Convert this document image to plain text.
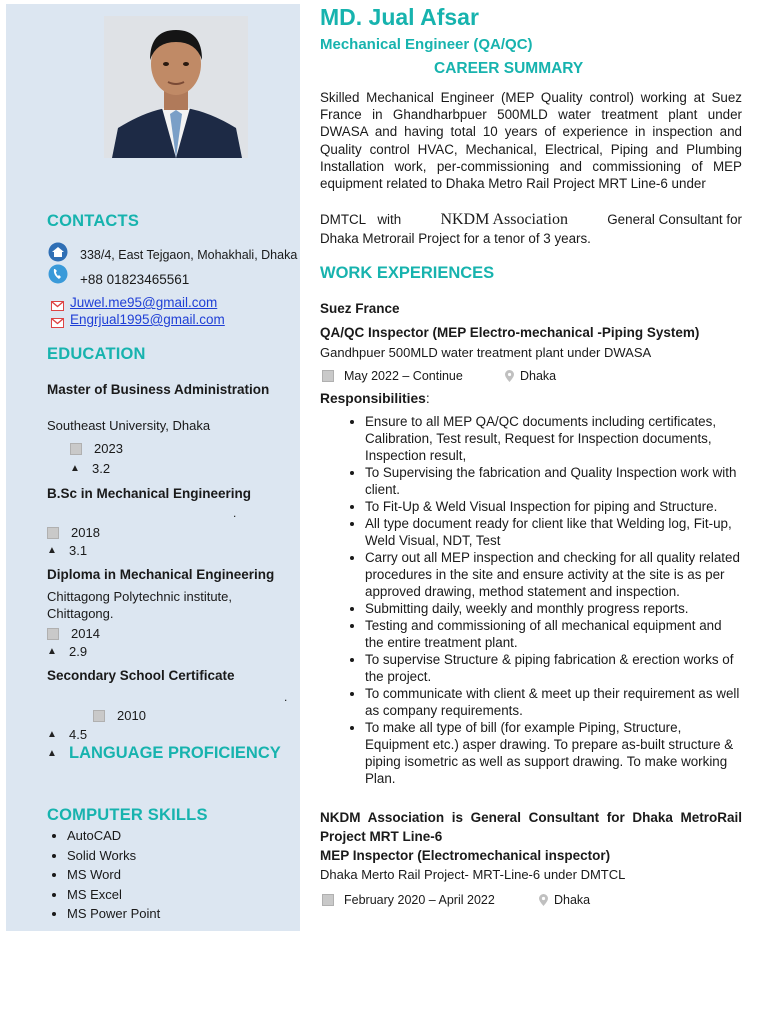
CONTACTS
338/4, East Tejgaon, Mohakhali, Dhaka
+88 01823465561
Juwel.me95@gmail.com
Engrjual1995@gmail.com
EDUCATION
Master of Business Administration
Southeast University, Dhaka
2023
▲ 3.2
B.Sc in Mechanical Engineering
.
2018
▲ 3.1
Diploma in Mechanical Engineering
Chittagong Polytechnic institute, Chittagong.
2014
▲ 2.9
Secondary School Certificate
.
2010
▲ 4.5
▲ LANGUAGE PROFICIENCY
COMPUTER SKILLS
• AutoCAD
• Solid Works
• MS Word
• MS Excel
• MS Power Point
MD. Jual Afsar
Mechanical Engineer (QA/QC)
CAREER SUMMARY
Skilled Mechanical Engineer (MEP Quality control) working at Suez France in Ghandharbpuer 500MLD water treatment plant under DWASA and having total 10 years of experience in inspection and Quality control HVAC, Mechanical, Electrical, Piping and Plumbing Installation work, per-commissioning and commissioning of MEP equipment related to Dhaka Metro Rail Project MRT Line-6 under
DMTCL with NKDM Association	General Consultant for
Dhaka Metrorail Project for a tenor of 3 years.
WORK EXPERIENCES
Suez France
QA/QC Inspector (MEP Electro-mechanical -Piping System)
Gandhpuer 500MLD water treatment plant under DWASA
May 2022 – Continue	Dhaka
Responsibilities:
• Ensure to all MEP QA/QC documents including certificates, Calibration, Test result, Request for Inspection documents, Inspection result,
• To Supervising the fabrication and Quality Inspection work with client.
• To Fit-Up & Weld Visual Inspection for piping and Structure.
• All type document ready for client like that Welding log, Fit-up, Weld Visual, NDT, Test
• Carry out all MEP inspection and checking for all quality related procedures in the site and ensure activity at the site is as per approved drawing, method statement and inspection.
• Submitting daily, weekly and monthly progress reports.
• Testing and commissioning of all mechanical equipment and the entire treatment plant.
• To supervise Structure & piping fabrication & erection works of the project.
• To communicate with client & meet up their requirement as well as company requirements.
• To make all type of bill (for example Piping, Structure, Equipment etc.) asper drawing. To prepare as-built structure & piping isometric as well as support drawing. To make working Plan.
NKDM Association is General Consultant for Dhaka MetroRail Project MRT Line-6
MEP Inspector (Electromechanical inspector)
Dhaka Merto Rail Project- MRT-Line-6 under DMTCL
February 2020 – April 2022	Dhaka
